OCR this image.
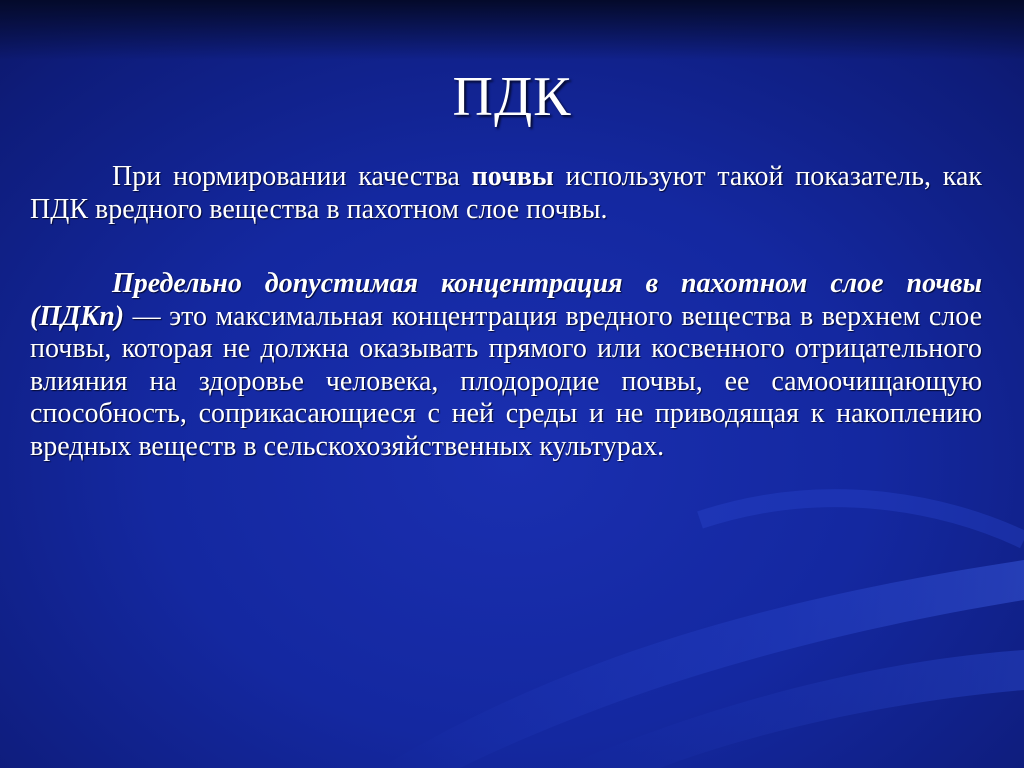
ПДК

При нормировании качества почвы используют такой показатель, как ПДК вредного вещества в пахотном слое почвы.

Предельно допустимая концентрация в пахотном слое почвы (ПДКп) — это максимальная концентрация вредного вещества в верхнем слое почвы, которая не должна оказывать прямого или косвенного отрицательного влияния на здоровье человека, плодородие почвы, ее самоочищающую способность, соприкасающиеся с ней среды и не приводящая к накоплению вредных веществ в сельскохозяйственных культурах.
